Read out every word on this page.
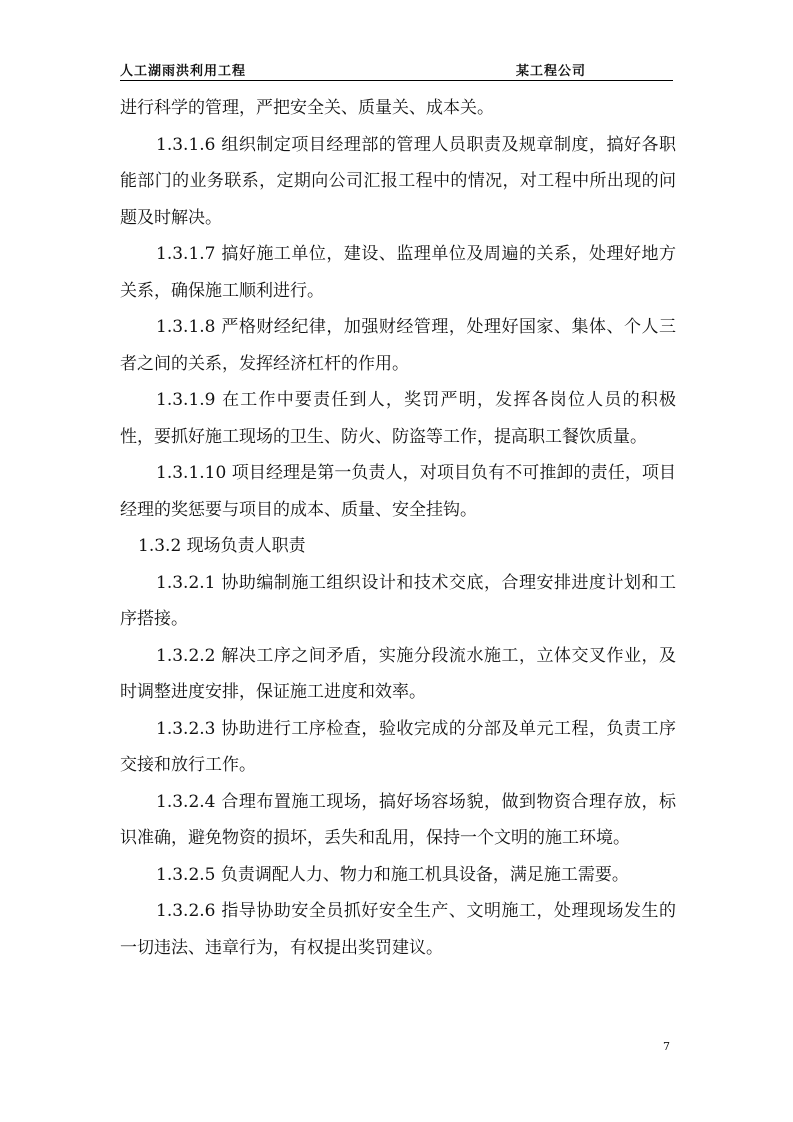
人工湖雨洪利用工程	某工程公司

进行科学的管理，严把安全关、质量关、成本关。

1.3.1.6 组织制定项目经理部的管理人员职责及规章制度，搞好各职能部门的业务联系，定期向公司汇报工程中的情况，对工程中所出现的问题及时解决。

1.3.1.7 搞好施工单位，建设、监理单位及周遍的关系，处理好地方关系，确保施工顺利进行。

1.3.1.8 严格财经纪律，加强财经管理，处理好国家、集体、个人三者之间的关系，发挥经济杠杆的作用。

1.3.1.9 在工作中要责任到人，奖罚严明，发挥各岗位人员的积极性，要抓好施工现场的卫生、防火、防盗等工作，提高职工餐饮质量。

1.3.1.10 项目经理是第一负责人，对项目负有不可推卸的责任，项目经理的奖惩要与项目的成本、质量、安全挂钩。

1.3.2 现场负责人职责

1.3.2.1 协助编制施工组织设计和技术交底，合理安排进度计划和工序搭接。

1.3.2.2 解决工序之间矛盾，实施分段流水施工，立体交叉作业，及时调整进度安排，保证施工进度和效率。

1.3.2.3 协助进行工序检查，验收完成的分部及单元工程，负责工序交接和放行工作。

1.3.2.4 合理布置施工现场，搞好场容场貌，做到物资合理存放，标识准确，避免物资的损坏，丢失和乱用，保持一个文明的施工环境。

1.3.2.5 负责调配人力、物力和施工机具设备，满足施工需要。

1.3.2.6 指导协助安全员抓好安全生产、文明施工，处理现场发生的一切违法、违章行为，有权提出奖罚建议。

7
